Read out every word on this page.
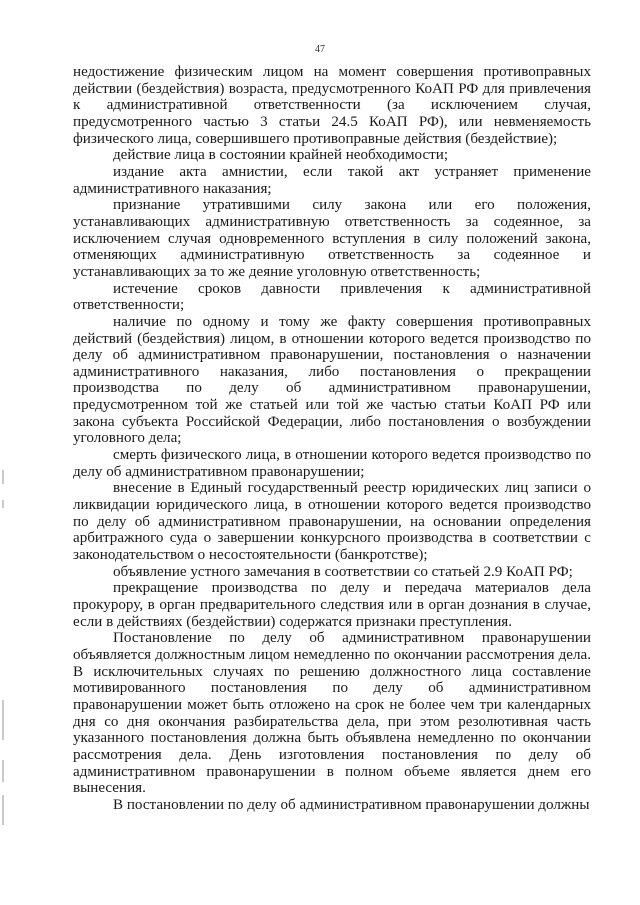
47

недостижение физическим лицом на момент совершения противоправных действии (бездействия) возраста, предусмотренного КоАП РФ для привлечения к административной ответственности (за исключением случая, предусмотренного частью 3 статьи 24.5 КоАП РФ), или невменяемость физического лица, совершившего противоправные действия (бездействие);

действие лица в состоянии крайней необходимости;

издание акта амнистии, если такой акт устраняет применение административного наказания;

признание утратившими силу закона или его положения, устанавливающих административную ответственность за содеянное, за исключением случая одновременного вступления в силу положений закона, отменяющих административную ответственность за содеянное и устанавливающих за то же деяние уголовную ответственность;

истечение сроков давности привлечения к административной ответственности;

наличие по одному и тому же факту совершения противоправных действий (бездействия) лицом, в отношении которого ведется производство по делу об административном правонарушении, постановления о назначении административного наказания, либо постановления о прекращении производства по делу об административном правонарушении, предусмотренном той же статьей или той же частью статьи КоАП РФ или закона субъекта Российской Федерации, либо постановления о возбуждении уголовного дела;

смерть физического лица, в отношении которого ведется производство по делу об административном правонарушении;

внесение в Единый государственный реестр юридических лиц записи о ликвидации юридического лица, в отношении которого ведется производство по делу об административном правонарушении, на основании определения арбитражного суда о завершении конкурсного производства в соответствии с законодательством о несостоятельности (банкротстве);

объявление устного замечания в соответствии со статьей 2.9 КоАП РФ;

прекращение производства по делу и передача материалов дела прокурору, в орган предварительного следствия или в орган дознания в случае, если в действиях (бездействии) содержатся признаки преступления.

Постановление по делу об административном правонарушении объявляется должностным лицом немедленно по окончании рассмотрения дела. В исключительных случаях по решению должностного лица составление мотивированного постановления по делу об административном правонарушении может быть отложено на срок не более чем три календарных дня со дня окончания разбирательства дела, при этом резолютивная часть указанного постановления должна быть объявлена немедленно по окончании рассмотрения дела. День изготовления постановления по делу об административном правонарушении в полном объеме является днем его вынесения.

В постановлении по делу об административном правонарушении должны
